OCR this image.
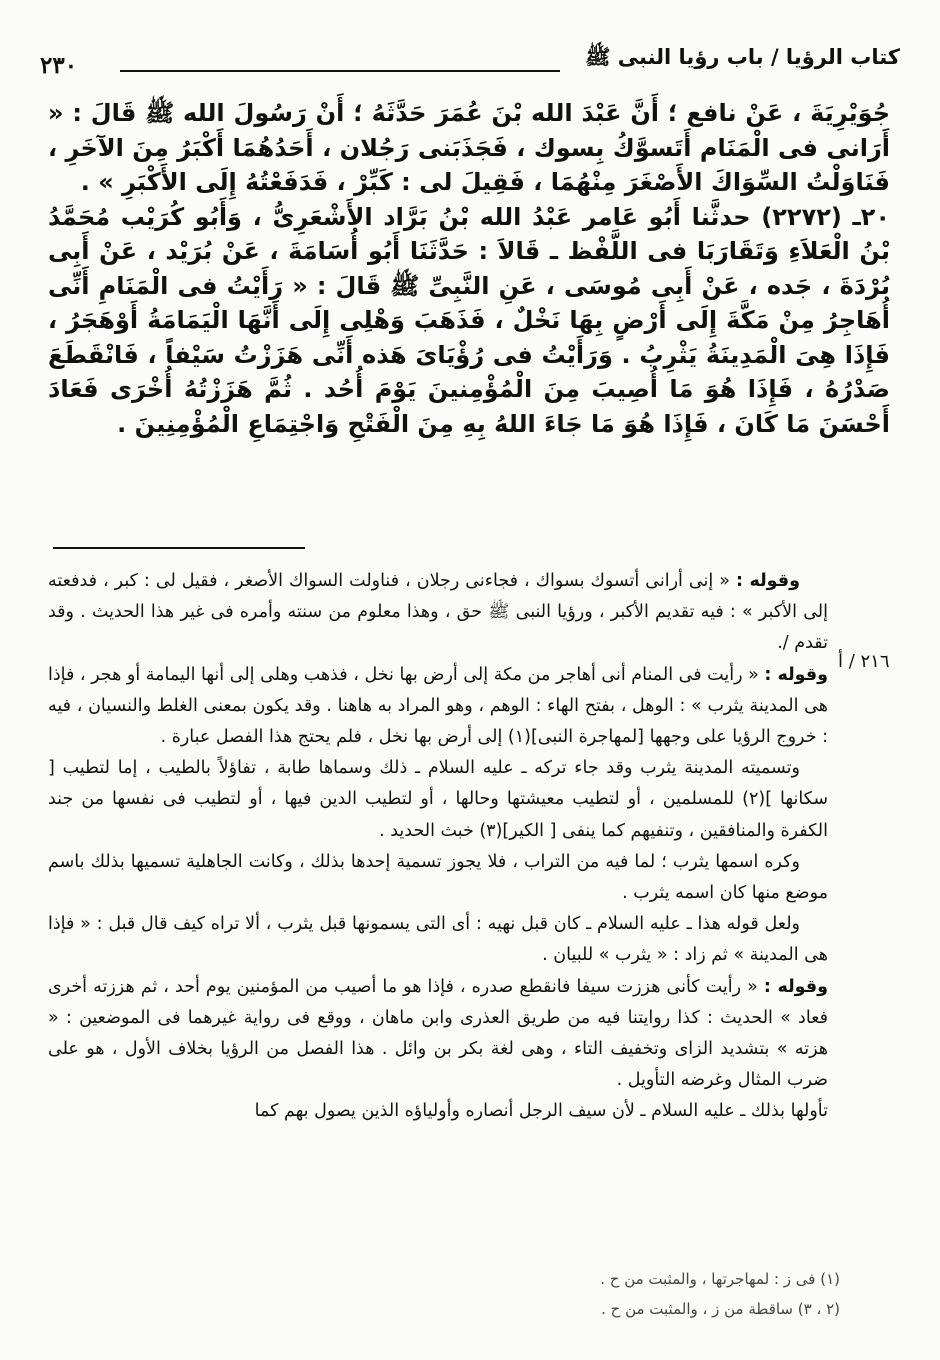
٢٣٠	كتاب الرؤيا / باب رؤيا النبى ﷺ

جُوَيْرِيَةَ ، عَنْ نافع ؛ أَنَّ عَبْدَ الله بْنَ عُمَرَ حَدَّثَهُ ؛ أَنْ رَسُولَ الله ﷺ قَالَ : « أَرَانى فى الْمَنَام أَتَسوَّكُ بِسوك ، فَجَذَبَنى رَجُلان ، أَحَدُهُمَا أَكْبَرُ مِنَ الآخَرِ ، فَنَاوَلْتُ السِّوَاكَ الأَصْغَرَ مِنْهُمَا ، فَقِيلَ لى : كَبِّرْ ، فَدَفَعْتُهُ إِلَى الأَكْبَرِ » .

٢٠ـ (٢٢٧٢) حدثَّنا أَبُو عَامر عَبْدُ الله بْنُ بَرَّاد الأَشْعَرِىُّ ، وَأَبُو كُرَيْب مُحَمَّدُ بْنُ الْعَلاَءِ وَتَقَارَبَا فى اللَّفْظ ـ قَالاَ : حَدَّثَنَا أَبُو أُسَامَةَ ، عَنْ بُرَيْد ، عَنْ أَبِى بُرْدَةَ ، جَده ، عَنْ أَبِى مُوسَى ، عَنِ النَّبِىِّ ﷺ قَالَ : « رَأَيْتُ فى الْمَنَامِ أَنِّى أُهَاجِرُ مِنْ مَكَّةَ إِلَى أَرْضٍ بِهَا نَخْلٌ ، فَذَهَبَ وَهْلِى إِلَى أَنَّهَا الْيَمَامَةُ أَوْهَجَرُ ، فَإِذَا هِىَ الْمَدِينَةُ يَثْرِبُ . وَرَأَيْتُ فى رُؤْيَاىَ هَذه أَنِّى هَزَزْتُ سَيْفاً ، فَانْقَطَعَ صَدْرُهُ ، فَإِذَا هُوَ مَا أُصِيبَ مِنَ الْمُؤْمِنينَ يَوْمَ أُحُد . ثُمَّ هَزَزْتُهُ أُخْرَى فَعَادَ أَحْسَنَ مَا كَانَ ، فَإِذَا هُوَ مَا جَاءَ اللهُ بِهِ مِنَ الْفَتْحِ وَاجْتِمَاعِ الْمُؤْمِنِينَ .

وقوله : « إنى أرانى أتسوك بسواك ، فجاءنى رجلان ، فناولت السواك الأصغر ، فقيل لى : كبر ، فدفعته إلى الأكبر » : فيه تقديم الأكبر ، ورؤيا النبى ﷺ حق ، وهذا معلوم من سنته وأمره فى غير هذا الحديث . وقد تقدم /.

وقوله : « رأيت فى المنام أنى أهاجر من مكة إلى أرض بها نخل ، فذهب وهلى إلى أنها اليمامة أو هجر ، فإذا هى المدينة يثرب » : الوهل ، بفتح الهاء : الوهم ، وهو المراد به هاهنا . وقد يكون بمعنى الغلط والنسيان ، فيه : خروج الرؤيا على وجهها [لمهاجرة النبى](١) إلى أرض بها نخل ، فلم يحتج هذا الفصل عبارة .

وتسميته المدينة يثرب وقد جاء تركه ـ عليه السلام ـ ذلك وسماها طابة ، تفاؤلاً بالطيب ، إما لتطيب [ سكانها ](٢) للمسلمين ، أو لتطيب معيشتها وحالها ، أو لتطيب الدين فيها ، أو لتطيب فى نفسها من جند الكفرة والمنافقين ، وتنفيهم كما ينفى [ الكير](٣) خبث الحديد .

وكره اسمها يثرب ؛ لما فيه من التراب ، فلا يجوز تسمية إحدها بذلك ، وكانت الجاهلية تسميها بذلك باسم موضع منها كان اسمه يثرب .

ولعل قوله هذا ـ عليه السلام ـ كان قبل نهيه : أى التى يسمونها قبل يثرب ، ألا تراه كيف قال قبل : « فإذا هى المدينة » ثم زاد : « يثرب » للبيان .

وقوله : « رأيت كأنى هززت سيفا فانقطع صدره ، فإذا هو ما أصيب من المؤمنين يوم أحد ، ثم هززته أخرى فعاد » الحديث : كذا روايتنا فيه من طريق العذرى وابن ماهان ، ووقع فى رواية غيرهما فى الموضعين : « هزته » بتشديد الزاى وتخفيف التاء ، وهى لغة بكر بن وائل . هذا الفصل من الرؤيا بخلاف الأول ، هو على ضرب المثال وغرضه التأويل .

تأولها بذلك ـ عليه السلام ـ لأن سيف الرجل أنصاره وأولياؤه الذين يصول بهم كما

٢١٦ / أ

(١) فى ز : لمهاجرتها ، والمثبت من ح .

(٢ ، ٣) ساقطة من ز ، والمثبت من ح .
